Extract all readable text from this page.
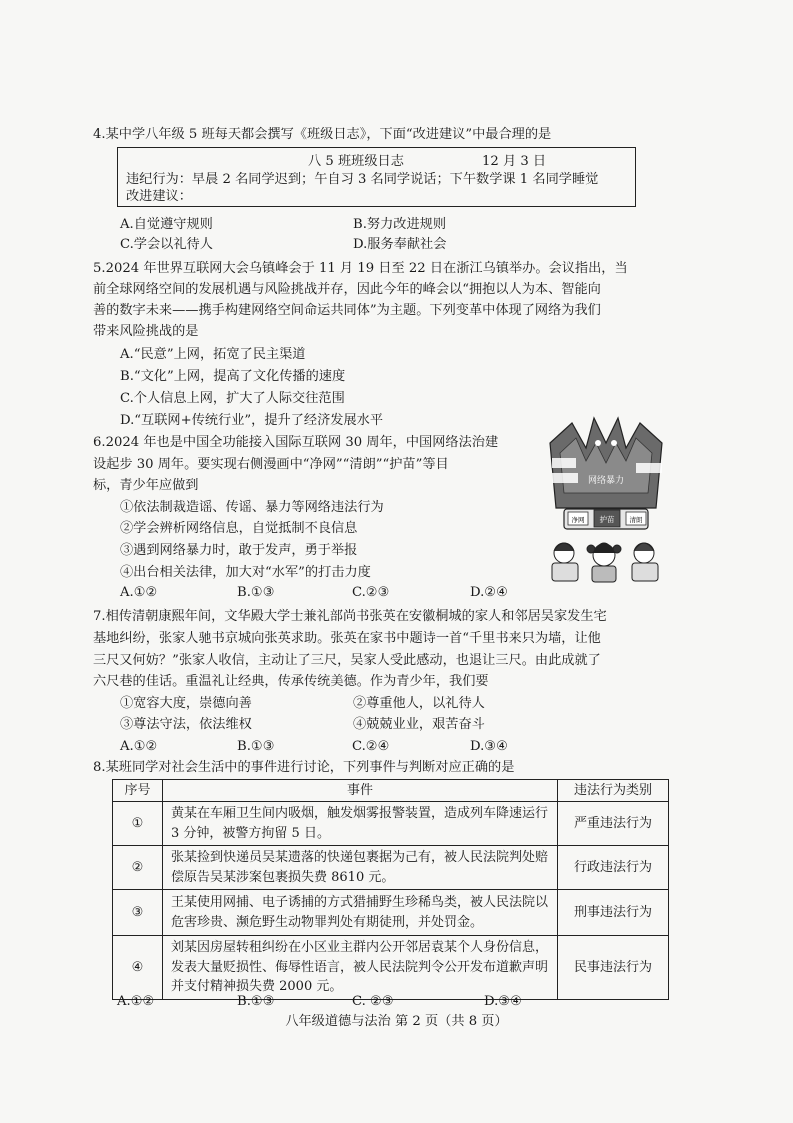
4.某中学八年级 5 班每天都会撰写《班级日志》，下面“改进建议”中最合理的是
八 5 班班级日志	12 月 3 日
违纪行为：早晨 2 名同学迟到；午自习 3 名同学说话；下午数学课 1 名同学睡觉
改进建议：
A.自觉遵守规则	B.努力改进规则
C.学会以礼待人	D.服务奉献社会
5.2024 年世界互联网大会乌镇峰会于 11 月 19 日至 22 日在浙江乌镇举办。会议指出，当
前全球网络空间的发展机遇与风险挑战并存，因此今年的峰会以“拥抱以人为本、智能向
善的数字未来——携手构建网络空间命运共同体”为主题。下列变革中体现了网络为我们
带来风险挑战的是
A.“民意”上网，拓宽了民主渠道
B.“文化”上网，提高了文化传播的速度
C.个人信息上网，扩大了人际交往范围
D.“互联网+传统行业”，提升了经济发展水平
6.2024 年也是中国全功能接入国际互联网 30 周年，中国网络法治建
设起步 30 周年。要实现右侧漫画中“净网”“清朗”“护苗”等目
标，青少年应做到
①依法制裁造谣、传谣、暴力等网络违法行为
②学会辨析网络信息，自觉抵制不良信息
③遇到网络暴力时，敢于发声，勇于举报
④出台相关法律，加大对“水军”的打击力度
A.①②	B.①③	C.②③	D.②④
网络暴力
净网 护苗 清朗
7.相传清朝康熙年间，文华殿大学士兼礼部尚书张英在安徽桐城的家人和邻居吴家发生宅
基地纠纷，张家人驰书京城向张英求助。张英在家书中题诗一首“千里书来只为墙，让他
三尺又何妨？”张家人收信，主动让了三尺，吴家人受此感动，也退让三尺。由此成就了
六尺巷的佳话。重温礼让经典，传承传统美德。作为青少年，我们要
①宽容大度，崇德向善	②尊重他人，以礼待人
③尊法守法，依法维权	④兢兢业业，艰苦奋斗
A.①②	B.①③	C.②④	D.③④
8.某班同学对社会生活中的事件进行讨论，下列事件与判断对应正确的是
序号	事件	违法行为类别
①	黄某在车厢卫生间内吸烟，触发烟雾报警装置，造成列车降速运行 3 分钟，被警方拘留 5 日。	严重违法行为
②	张某捡到快递员吴某遗落的快递包裹据为己有，被人民法院判处赔偿原告吴某涉案包裹损失费 8610 元。	行政违法行为
③	王某使用网捕、电子诱捕的方式猎捕野生珍稀鸟类，被人民法院以危害珍贵、濒危野生动物罪判处有期徒刑，并处罚金。	刑事违法行为
④	刘某因房屋转租纠纷在小区业主群内公开邻居袁某个人身份信息，发表大量贬损性、侮辱性语言，被人民法院判令公开发布道歉声明并支付精神损失费 2000 元。	民事违法行为
A.①②	B.①③	C. ②③	D.③④
八年级道德与法治 第 2 页（共 8 页）
